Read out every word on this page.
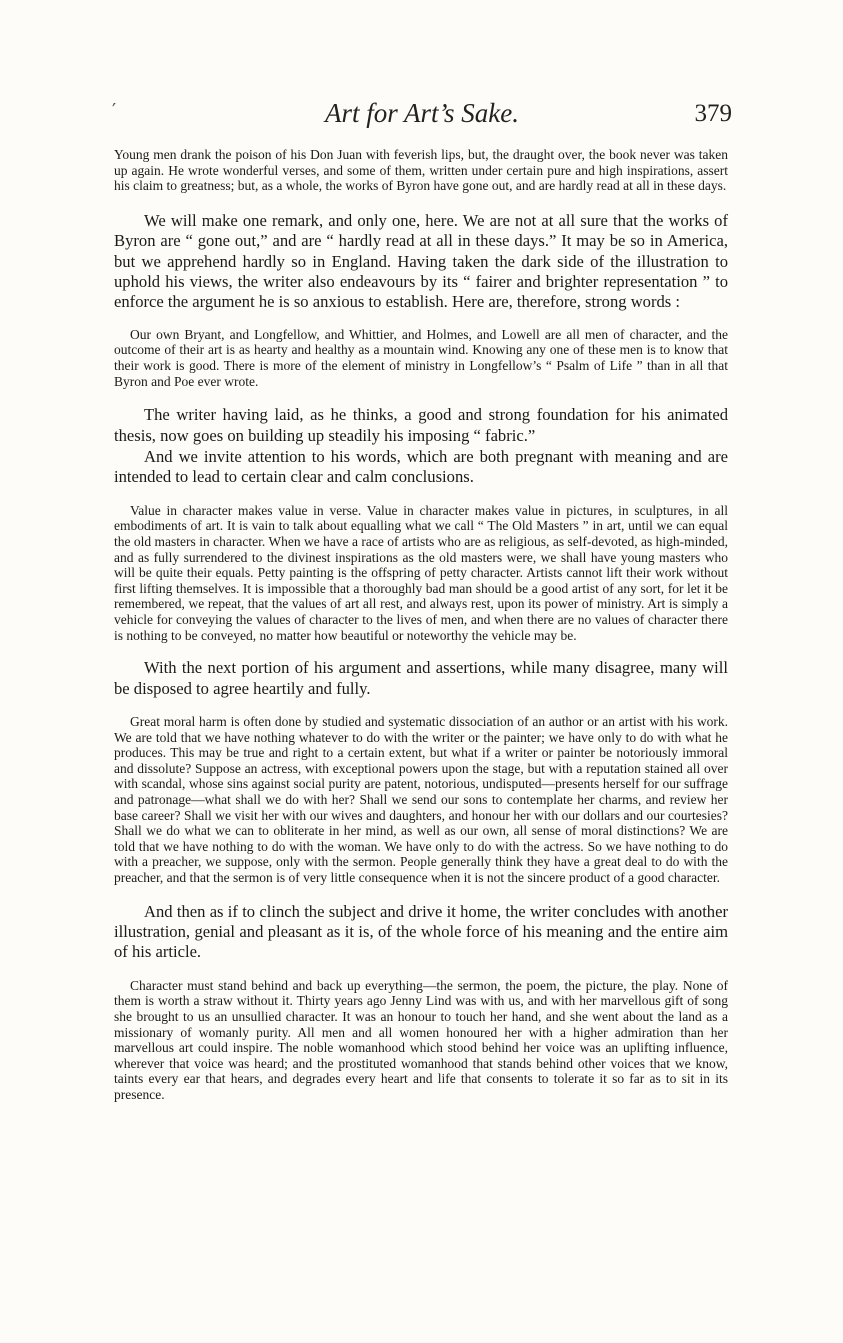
′	Art for Art’s Sake.	379

Young men drank the poison of his Don Juan with feverish lips, but, the draught over, the book never was taken up again. He wrote wonderful verses, and some of them, written under certain pure and high inspirations, assert his claim to greatness; but, as a whole, the works of Byron have gone out, and are hardly read at all in these days.

We will make one remark, and only one, here. We are not at all sure that the works of Byron are “ gone out,” and are “ hardly read at all in these days.” It may be so in America, but we apprehend hardly so in England. Having taken the dark side of the illustration to uphold his views, the writer also endeavours by its “ fairer and brighter representation ” to enforce the argument he is so anxious to establish. Here are, therefore, strong words :

Our own Bryant, and Longfellow, and Whittier, and Holmes, and Lowell are all men of character, and the outcome of their art is as hearty and healthy as a mountain wind. Knowing any one of these men is to know that their work is good. There is more of the element of ministry in Longfellow’s “ Psalm of Life ” than in all that Byron and Poe ever wrote.

The writer having laid, as he thinks, a good and strong foundation for his animated thesis, now goes on building up steadily his imposing “ fabric.”

And we invite attention to his words, which are both pregnant with meaning and are intended to lead to certain clear and calm conclusions.

Value in character makes value in verse. Value in character makes value in pictures, in sculptures, in all embodiments of art. It is vain to talk about equalling what we call “ The Old Masters ” in art, until we can equal the old masters in character. When we have a race of artists who are as religious, as self-devoted, as high-minded, and as fully surrendered to the divinest inspirations as the old masters were, we shall have young masters who will be quite their equals. Petty painting is the offspring of petty character. Artists cannot lift their work without first lifting themselves. It is impossible that a thoroughly bad man should be a good artist of any sort, for let it be remembered, we repeat, that the values of art all rest, and always rest, upon its power of ministry. Art is simply a vehicle for conveying the values of character to the lives of men, and when there are no values of character there is nothing to be conveyed, no matter how beautiful or noteworthy the vehicle may be.

With the next portion of his argument and assertions, while many disagree, many will be disposed to agree heartily and fully.

Great moral harm is often done by studied and systematic dissociation of an author or an artist with his work. We are told that we have nothing whatever to do with the writer or the painter; we have only to do with what he produces. This may be true and right to a certain extent, but what if a writer or painter be notoriously immoral and dissolute? Suppose an actress, with exceptional powers upon the stage, but with a reputation stained all over with scandal, whose sins against social purity are patent, notorious, undisputed—presents herself for our suffrage and patronage—what shall we do with her? Shall we send our sons to contemplate her charms, and review her base career? Shall we visit her with our wives and daughters, and honour her with our dollars and our courtesies? Shall we do what we can to obliterate in her mind, as well as our own, all sense of moral distinctions? We are told that we have nothing to do with the woman. We have only to do with the actress. So we have nothing to do with a preacher, we suppose, only with the sermon. People generally think they have a great deal to do with the preacher, and that the sermon is of very little consequence when it is not the sincere product of a good character.

And then as if to clinch the subject and drive it home, the writer concludes with another illustration, genial and pleasant as it is, of the whole force of his meaning and the entire aim of his article.

Character must stand behind and back up everything—the sermon, the poem, the picture, the play. None of them is worth a straw without it. Thirty years ago Jenny Lind was with us, and with her marvellous gift of song she brought to us an unsullied character. It was an honour to touch her hand, and she went about the land as a missionary of womanly purity. All men and all women honoured her with a higher admiration than her marvellous art could inspire. The noble womanhood which stood behind her voice was an uplifting influence, wherever that voice was heard; and the prostituted womanhood that stands behind other voices that we know, taints every ear that hears, and degrades every heart and life that consents to tolerate it so far as to sit in its presence.
